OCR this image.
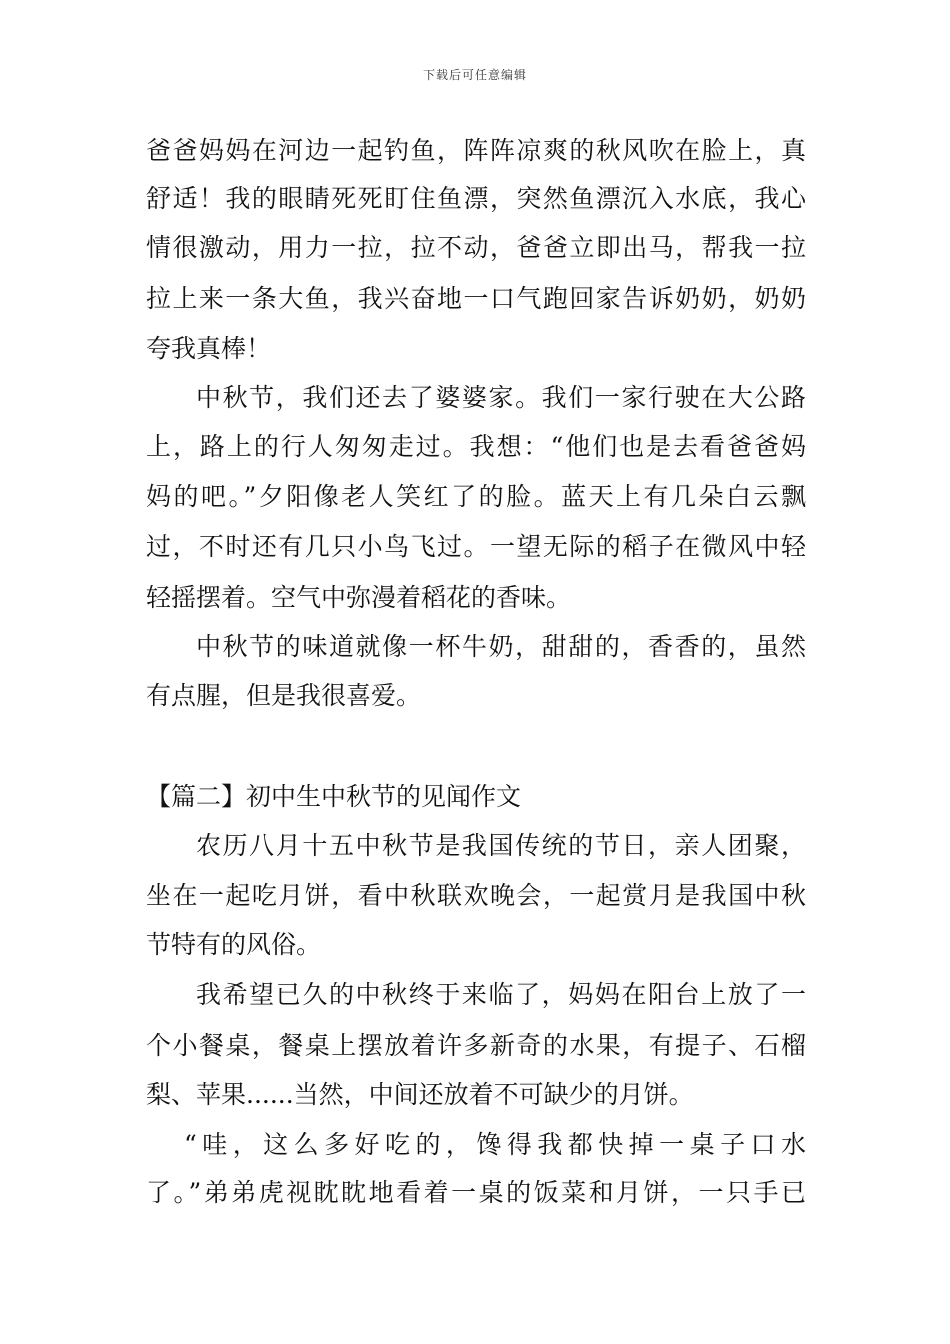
下载后可任意编辑
爸爸妈妈在河边一起钓鱼，阵阵凉爽的秋风吹在脸上，真
舒适！我的眼睛死死盯住鱼漂，突然鱼漂沉入水底，我心
情很激动，用力一拉，拉不动，爸爸立即出马，帮我一拉
拉上来一条大鱼，我兴奋地一口气跑回家告诉奶奶，奶奶
夸我真棒！
中秋节，我们还去了婆婆家。我们一家行驶在大公路
上，路上的行人匆匆走过。我想：“他们也是去看爸爸妈
妈的吧。”夕阳像老人笑红了的脸。蓝天上有几朵白云飘
过，不时还有几只小鸟飞过。一望无际的稻子在微风中轻
轻摇摆着。空气中弥漫着稻花的香味。
中秋节的味道就像一杯牛奶，甜甜的，香香的，虽然
有点腥，但是我很喜爱。
【篇二】初中生中秋节的见闻作文
农历八月十五中秋节是我国传统的节日，亲人团聚，
坐在一起吃月饼，看中秋联欢晚会，一起赏月是我国中秋
节特有的风俗。
我希望已久的中秋终于来临了，妈妈在阳台上放了一
个小餐桌，餐桌上摆放着许多新奇的水果，有提子、石榴
梨、苹果......当然，中间还放着不可缺少的月饼。
“哇，这么多好吃的，馋得我都快掉一桌子口水
了。”弟弟虎视眈眈地看着一桌的饭菜和月饼，一只手已
